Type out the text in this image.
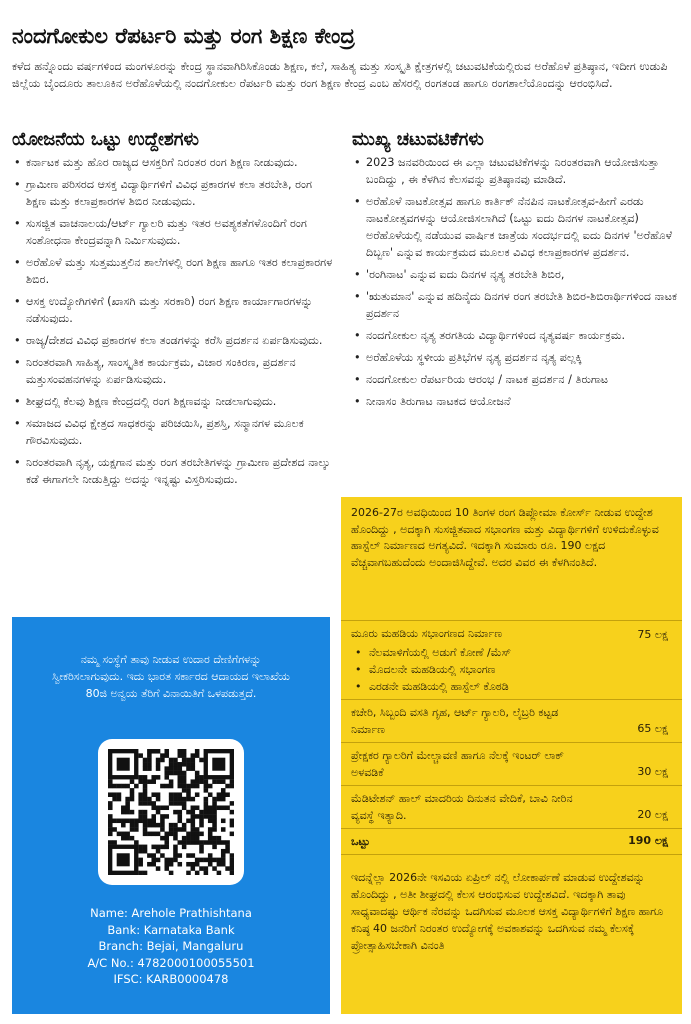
ನಂದಗೋಕುಲ ರೆಪರ್ಟರಿ ಮತ್ತು ರಂಗ ಶಿಕ್ಷಣ ಕೇಂದ್ರ

ಕಳೆದ ಹನ್ನೊಂದು ವರ್ಷಗಳಿಂದ ಮಂಗಳೂರನ್ನು ಕೇಂದ್ರ ಸ್ಥಾನವಾಗಿರಿಸಿಕೊಂಡು ಶಿಕ್ಷಣ, ಕಲೆ, ಸಾಹಿತ್ಯ ಮತ್ತು ಸಂಸ್ಕೃತಿ ಕ್ಷೇತ್ರಗಳಲ್ಲಿ ಚಟುವಟಿಕೆಯಲ್ಲಿರುವ ಅರೆಹೊಳೆ ಪ್ರತಿಷ್ಠಾನ, ಇದೀಗ ಉಡುಪಿ ಜಿಲ್ಲೆಯ ಬೈಂದೂರು ತಾಲೂಕಿನ ಅರೆಹೊಳೆಯಲ್ಲಿ ನಂದಗೋಕುಲ ರೆಪರ್ಟರಿ ಮತ್ತು ರಂಗ ಶಿಕ್ಷಣ ಕೇಂದ್ರ ಎಂಬ ಹೆಸರಲ್ಲಿ ರಂಗತಂಡ ಹಾಗೂ ರಂಗಶಾಲೆಯೊಂದನ್ನು ಆರಂಭಿಸಿದೆ.

ಯೋಜನೆಯ ಒಟ್ಟು ಉದ್ದೇಶಗಳು
• ಕರ್ನಾಟಕ ಮತ್ತು ಹೊರ ರಾಜ್ಯದ ಆಸಕ್ತರಿಗೆ ನಿರಂತರ ರಂಗ ಶಿಕ್ಷಣ ನೀಡುವುದು.
• ಗ್ರಾಮೀಣ ಪರಿಸರದ ಆಸಕ್ತ ವಿದ್ಯಾರ್ಥಿಗಳಿಗೆ ವಿವಿಧ ಪ್ರಕಾರಗಳ ಕಲಾ ತರಬೇತಿ, ರಂಗ ಶಿಕ್ಷಣ ಮತ್ತು ಕಲಾಪ್ರಕಾರಗಳ ಶಿಬಿರ ನೀಡುವುದು.
• ಸುಸಜ್ಜಿತ ವಾಚನಾಲಯ/ಆರ್ಟ್ ಗ್ಯಾಲರಿ ಮತ್ತು ಇತರ ಅವಶ್ಯಕತೆಗಳೊಂದಿಗೆ ರಂಗ ಸಂಶೋಧನಾ ಕೇಂದ್ರವನ್ನಾಗಿ ನಿರ್ಮಿಸುವುದು.
• ಅರೆಹೊಳೆ ಮತ್ತು ಸುತ್ತಮುತ್ತಲಿನ ಶಾಲೆಗಳಲ್ಲಿ ರಂಗ ಶಿಕ್ಷಣ ಹಾಗೂ ಇತರ ಕಲಾಪ್ರಕಾರಗಳ ಶಿಬಿರ.
• ಆಸಕ್ತ ಉದ್ಯೋಗಿಗಳಿಗೆ (ಖಾಸಗಿ ಮತ್ತು ಸರಕಾರಿ) ರಂಗ ಶಿಕ್ಷಣ ಕಾರ್ಯಾಗಾರಗಳನ್ನು ನಡೆಸುವುದು.
• ರಾಜ್ಯ/ದೇಶದ ವಿವಿಧ ಪ್ರಕಾರಗಳ ಕಲಾ ತಂಡಗಳನ್ನು ಕರೆಸಿ ಪ್ರದರ್ಶನ ಏರ್ಪಡಿಸುವುದು.
• ನಿರಂತರವಾಗಿ ಸಾಹಿತ್ಯ, ಸಾಂಸ್ಕೃತಿಕ ಕಾರ್ಯಕ್ರಮ, ವಿಚಾರ ಸಂಕಿರಣ, ಪ್ರದರ್ಶನ ಮತ್ತುಸಂವಹನಗಳನ್ನು ಏರ್ಪಡಿಸುವುದು.
• ಶೀಘ್ರದಲ್ಲಿ ಕೆಲವು ಶಿಕ್ಷಣ ಕೇಂದ್ರದಲ್ಲಿ ರಂಗ ಶಿಕ್ಷಣವನ್ನು ನೀಡಲಾಗುವುದು.
• ಸಮಾಜದ ವಿವಿಧ ಕ್ಷೇತ್ರದ ಸಾಧಕರನ್ನು ಪರಿಚಯಿಸಿ, ಪ್ರಶಸ್ತಿ, ಸನ್ಮಾನಗಳ ಮೂಲಕ ಗೌರವಿಸುವುದು.
• ನಿರಂತರವಾಗಿ ನೃತ್ಯ, ಯಕ್ಷಗಾನ ಮತ್ತು ರಂಗ ತರಬೇತಿಗಳನ್ನು ಗ್ರಾಮೀಣ ಪ್ರದೇಶದ ನಾಲ್ಕು ಕಡೆ ಈಗಾಗಲೇ ನೀಡುತ್ತಿದ್ದು ಅದನ್ನು ಇನ್ನಷ್ಟು ವಿಸ್ತರಿಸುವುದು.
ಮುಖ್ಯ ಚಟುವಟಿಕೆಗಳು
• 2023 ಜನವರಿಯಿಂದ ಈ ಎಲ್ಲಾ ಚಟುವಟಿಕೆಗಳನ್ನು ನಿರಂತರವಾಗಿ ಆಯೋಜಿಸುತ್ತಾ ಬಂದಿದ್ದು , ಈ ಕೆಳಗಿನ ಕೆಲಸವನ್ನು ಪ್ರತಿಷ್ಠಾನವು ಮಾಡಿದೆ.
• ಅರೆಹೊಳೆ ನಾಟಕೋತ್ಸವ ಹಾಗೂ ಕಾರ್ತಿಕ್ ನೆನಪಿನ ನಾಟಕೋತ್ಸವ-ಹೀಗೆ ಎರಡು ನಾಟಕೋತ್ಸವಗಳನ್ನು ಆಯೋಜಿಸಲಾಗಿದೆ (ಒಟ್ಟು ಐದು ದಿನಗಳ ನಾಟಕೋತ್ಸವ) ಅರೆಹೊಳೆಯಲ್ಲಿ ನಡೆಯುವ ವಾರ್ಷಿಕ ಜಾತ್ರೆಯ ಸಂದರ್ಭದಲ್ಲಿ ಐದು ದಿನಗಳ 'ಅರೆಹೊಳೆ ದಿಬ್ಬಣ' ಎನ್ನುವ ಕಾರ್ಯಕ್ರಮದ ಮೂಲಕ ವಿವಿಧ ಕಲಾಪ್ರಕಾರಗಳ ಪ್ರದರ್ಶನ.
• 'ರಂಗಿನಾಟ' ಎನ್ನುವ ಐದು ದಿನಗಳ ನೃತ್ಯ ತರಬೇತಿ ಶಿಬಿರ,
• 'ಋತುಮಾನ' ಎನ್ನುವ ಹದಿನೈದು ದಿನಗಳ ರಂಗ ತರಬೇತಿ ಶಿಬಿರ-ಶಿಬಿರಾರ್ಥಿಗಳಿಂದ ನಾಟಕ ಪ್ರದರ್ಶನ
• ನಂದಗೋಕುಲ ನೃತ್ಯ ತರಗತಿಯ ವಿದ್ಯಾರ್ಥಿಗಳಿಂದ ನೃತ್ಯವರ್ಷ ಕಾರ್ಯಕ್ರಮ.
• ಅರೆಹೊಳೆಯ ಸ್ಥಳೀಯ ಪ್ರತಿಭೆಗಳ ನೃತ್ಯ ಪ್ರದರ್ಶನ ನೃತ್ಯ ಪಲ್ಲಕ್ಕಿ
• ನಂದಗೋಕುಲ ರೆಪರ್ಟರಿಯ ಆರಂಭ / ನಾಟಕ ಪ್ರದರ್ಶನ / ತಿರುಗಾಟ
• ನೀನಾಸಂ ತಿರುಗಾಟ ನಾಟಕದ ಆಯೋಜನೆ

ನಮ್ಮ ಸಂಸ್ಥೆಗೆ ತಾವು ನೀಡುವ ಉದಾರ ದೇಣಿಗೆಗಳನ್ನು ಸ್ವೀಕರಿಸಲಾಗುವುದು. ಇದು ಭಾರತ ಸರ್ಕಾರದ ಆದಾಯದ ಇಲಾಖೆಯ 80ಜಿ ಅನ್ವಯ ತೆರಿಗೆ ವಿನಾಯಿತಿಗೆ ಒಳಪಡುತ್ತದೆ.

Name: Arehole Prathishtana
Bank: Karnataka Bank
Branch: Bejai, Mangaluru
A/C No.: 4782000100055501
IFSC: KARB0000478

2026-27ರ ಅವಧಿಯಿಂದ 10 ತಿಂಗಳ ರಂಗ ಡಿಪ್ಲೋಮಾ ಕೋರ್ಸ್ ನೀಡುವ ಉದ್ದೇಶ ಹೊಂದಿದ್ದು , ಅದಕ್ಕಾಗಿ ಸುಸಜ್ಜಿತವಾದ ಸಭಾಂಗಣ ಮತ್ತು ವಿದ್ಯಾರ್ಥಿಗಳಿಗೆ ಉಳಿದುಕೊಳ್ಳುವ ಹಾಸ್ಟೆಲ್ ನಿರ್ಮಾಣದ ಅಗತ್ಯವಿದೆ. ಇದಕ್ಕಾಗಿ ಸುಮಾರು ರೂ. 190 ಲಕ್ಷದ ವೆಚ್ಚವಾಗಬಹುದೆಂದು ಅಂದಾಜಿಸಿದ್ದೇವೆ. ಅದರ ವಿವರ ಈ ಕೆಳಗಿನಂತಿದೆ.

ಮೂರು ಮಹಡಿಯ ಸಭಾಂಗಣದ ನಿರ್ಮಾಣ
• ನೆಲಮಾಳಿಗೆಯಲ್ಲಿ ಅಡುಗೆ ಕೋಣೆ /ಮೆಸ್
• ಮೊದಲನೇ ಮಹಡಿಯಲ್ಲಿ ಸಭಾಂಗಣ
• ಎರಡನೇ ಮಹಡಿಯಲ್ಲಿ ಹಾಸ್ಟೆಲ್ ಕೊಠಡಿ
75 ಲಕ್ಷ
ಕಚೇರಿ, ಸಿಬ್ಬಂದಿ ವಸತಿ ಗೃಹ, ಆರ್ಟ್ ಗ್ಯಾಲರಿ, ಲೈಬ್ರರಿ ಕಟ್ಟಡ ನಿರ್ಮಾಣ	65 ಲಕ್ಷ
ಪ್ರೇಕ್ಷಕರ ಗ್ಯಾಲರಿಗೆ ಮೇಲ್ಚಾವಣಿ ಹಾಗೂ ನೆಲಕ್ಕೆ ಇಂಟರ್ ಲಾಕ್ ಅಳವಡಿಕೆ	30 ಲಕ್ಷ
ಮೆಡಿಟೇಶನ್ ಹಾಲ್ ಮಾದರಿಯ ದಿನುತನ ವೇದಿಕೆ, ಬಾವಿ ನೀರಿನ ವ್ಯವಸ್ಥೆ ಇತ್ಯಾದಿ.	20 ಲಕ್ಷ
ಒಟ್ಟು	190 ಲಕ್ಷ

ಇದನ್ನೆಲ್ಲಾ 2026ನೇ ಇಸವಿಯ ಏಪ್ರಿಲ್ ನಲ್ಲಿ ಲೋಕಾರ್ಪಣೆ ಮಾಡುವ ಉದ್ದೇಶವನ್ನು ಹೊಂದಿದ್ದು , ಅತೀ ಶೀಘ್ರದಲ್ಲಿ ಕೆಲಸ ಆರಂಭಿಸುವ ಉದ್ದೇಶವಿದೆ. ಇದಕ್ಕಾಗಿ ತಾವು ಸಾಧ್ಯವಾದಷ್ಟು ಆರ್ಥಿಕ ನೆರವನ್ನು ಒದಗಿಸುವ ಮೂಲಕ ಆಸಕ್ತ ವಿದ್ಯಾರ್ಥಿಗಳಿಗೆ ಶಿಕ್ಷಣ ಹಾಗೂ ಕನಿಷ್ಠ 40 ಜನರಿಗೆ ನಿರಂತರ ಉದ್ಯೋಗಕ್ಕೆ ಅವಕಾಶವನ್ನು ಒದಗಿಸುವ ನಮ್ಮ ಕೆಲಸಕ್ಕೆ ಪ್ರೋತ್ಸಾಹಿಸಬೇಕಾಗಿ ವಿನಂತಿ
